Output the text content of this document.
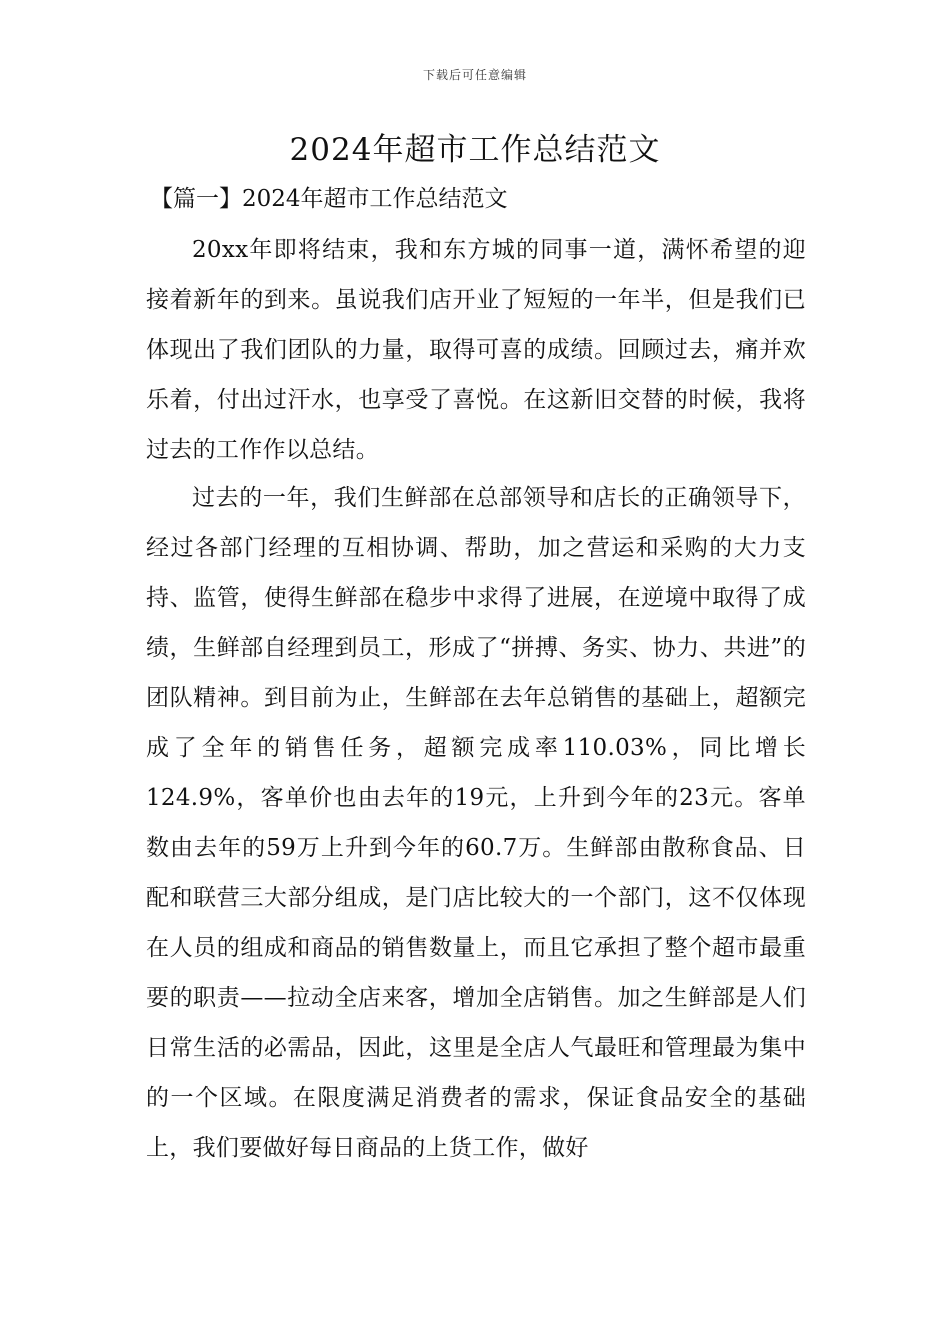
下载后可任意编辑
2024年超市工作总结范文
【篇一】2024年超市工作总结范文

20xx年即将结束，我和东方城的同事一道，满怀希望的迎接着新年的到来。虽说我们店开业了短短的一年半，但是我们已体现出了我们团队的力量，取得可喜的成绩。回顾过去，痛并欢乐着，付出过汗水，也享受了喜悦。在这新旧交替的时候，我将过去的工作作以总结。

过去的一年，我们生鲜部在总部领导和店长的正确领导下，经过各部门经理的互相协调、帮助，加之营运和采购的大力支持、监管，使得生鲜部在稳步中求得了进展，在逆境中取得了成绩，生鲜部自经理到员工，形成了“拼搏、务实、协力、共进”的团队精神。到目前为止，生鲜部在去年总销售的基础上，超额完成了全年的销售任务，超额完成率110.03%，同比增长124.9%，客单价也由去年的19元，上升到今年的23元。客单数由去年的59万上升到今年的60.7万。生鲜部由散称食品、日配和联营三大部分组成，是门店比较大的一个部门，这不仅体现在人员的组成和商品的销售数量上，而且它承担了整个超市最重要的职责——拉动全店来客，增加全店销售。加之生鲜部是人们日常生活的必需品，因此，这里是全店人气最旺和管理最为集中的一个区域。在限度满足消费者的需求，保证食品安全的基础上，我们要做好每日商品的上货工作，做好
